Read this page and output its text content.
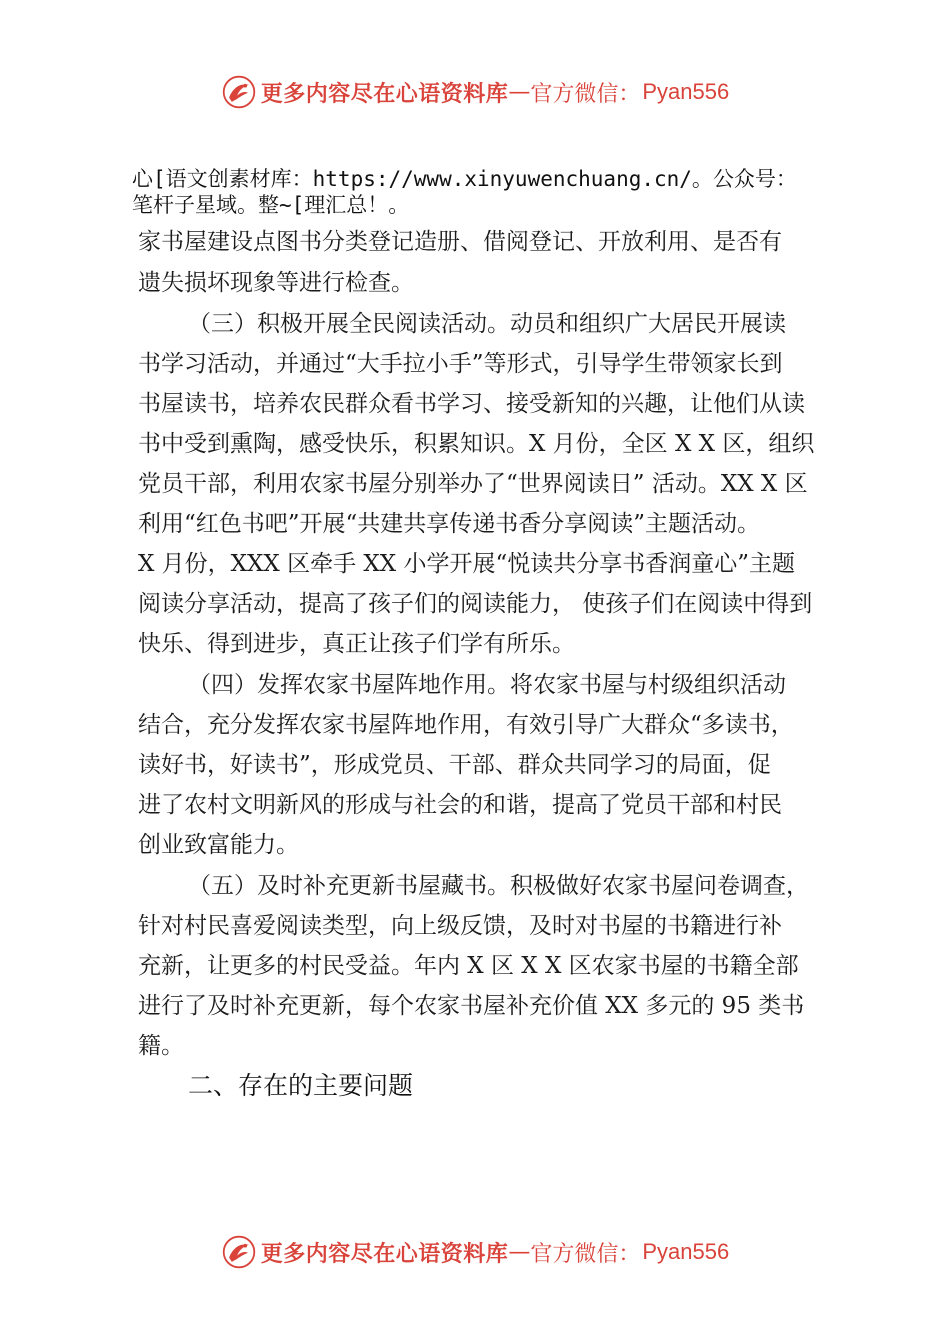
更多内容尽在心语资料库 — 官方微信： Pyan556
心[语文创素材库：https://www.xinyuwenchuang.cn/。公众号：
笔杆子星域。整~[理汇总！。
家书屋建设点图书分类登记造册、借阅登记、开放利用、是否有
遗失损坏现象等进行检查。
（三）积极开展全民阅读活动。动员和组织广大居民开展读
书学习活动，并通过“大手拉小手”等形式，引导学生带领家长到
书屋读书，培养农民群众看书学习、接受新知的兴趣，让他们从读
书中受到熏陶，感受快乐，积累知识。X 月份，全区 X X 区，组织
党员干部，利用农家书屋分别举办了“世界阅读日” 活动。XX X 区
利用“红色书吧”开展“共建共享传递书香分享阅读”主题活动。
X 月份，XXX 区牵手 XX 小学开展“悦读共分享书香润童心”主题
阅读分享活动，提高了孩子们的阅读能力， 使孩子们在阅读中得到
快乐、得到进步，真正让孩子们学有所乐。
（四）发挥农家书屋阵地作用。将农家书屋与村级组织活动
结合，充分发挥农家书屋阵地作用，有效引导广大群众“多读书，
读好书，好读书”，形成党员、干部、群众共同学习的局面，促
进了农村文明新风的形成与社会的和谐，提高了党员干部和村民
创业致富能力。
（五）及时补充更新书屋藏书。积极做好农家书屋问卷调查，
针对村民喜爱阅读类型，向上级反馈，及时对书屋的书籍进行补
充新，让更多的村民受益。年内 X 区 X X 区农家书屋的书籍全部
进行了及时补充更新，每个农家书屋补充价值 XX 多元的 95 类书
籍。
二、存在的主要问题
更多内容尽在心语资料库 — 官方微信： Pyan556
